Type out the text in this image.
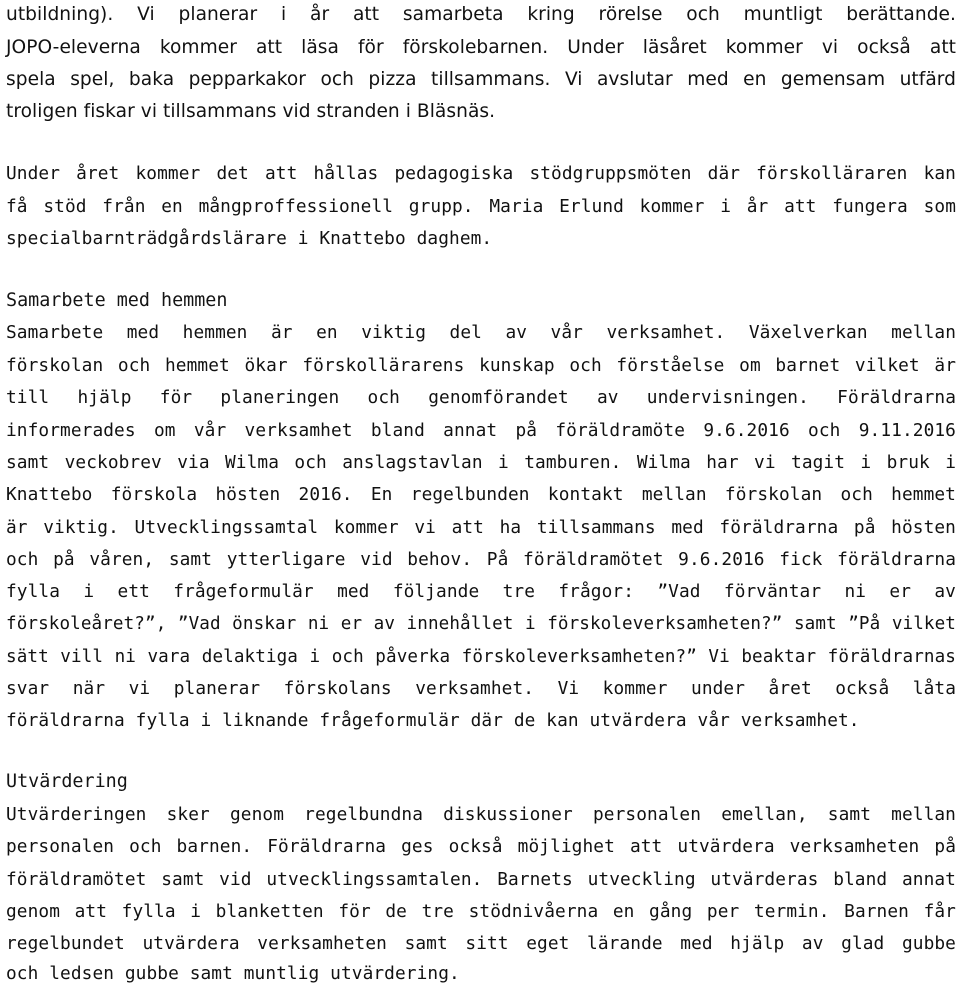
utbildning). Vi planerar i år att samarbeta kring rörelse och muntligt berättande.
JOPO-eleverna kommer att läsa för förskolebarnen. Under läsåret kommer vi också att
spela spel, baka pepparkakor och pizza tillsammans. Vi avslutar med en gemensam utfärd
troligen fiskar vi tillsammans vid stranden i Bläsnäs.
Under året kommer det att hållas pedagogiska stödgruppsmöten där förskolläraren kan
få stöd från en mångproffessionell grupp. Maria Erlund kommer i år att fungera som
specialbarnträdgårdslärare i Knattebo daghem.
Samarbete med hemmen
Samarbete med hemmen är en viktig del av vår verksamhet. Växelverkan mellan
förskolan och hemmet ökar förskollärarens kunskap och förståelse om barnet vilket är
till hjälp för planeringen och genomförandet av undervisningen. Föräldrarna
informerades om vår verksamhet bland annat på föräldramöte 9.6.2016 och 9.11.2016
samt veckobrev via Wilma och anslagstavlan i tamburen. Wilma har vi tagit i bruk i
Knattebo förskola hösten 2016. En regelbunden kontakt mellan förskolan och hemmet
är viktig. Utvecklingssamtal kommer vi att ha tillsammans med föräldrarna på hösten
och på våren, samt ytterligare vid behov. På föräldramötet 9.6.2016 fick föräldrarna
fylla i ett frågeformulär med följande tre frågor: ”Vad förväntar ni er av
förskoleåret?”, ”Vad önskar ni er av innehållet i förskoleverksamheten?” samt ”På vilket
sätt vill ni vara delaktiga i och påverka förskoleverksamheten?” Vi beaktar föräldrarnas
svar när vi planerar förskolans verksamhet. Vi kommer under året också låta
föräldrarna fylla i liknande frågeformulär där de kan utvärdera vår verksamhet.
Utvärdering
Utvärderingen sker genom regelbundna diskussioner personalen emellan, samt mellan
personalen och barnen. Föräldrarna ges också möjlighet att utvärdera verksamheten på
föräldramötet samt vid utvecklingssamtalen. Barnets utveckling utvärderas bland annat
genom att fylla i blanketten för de tre stödnivåerna en gång per termin. Barnen får
regelbundet utvärdera verksamheten samt sitt eget lärande med hjälp av glad gubbe
och ledsen gubbe samt muntlig utvärdering.
